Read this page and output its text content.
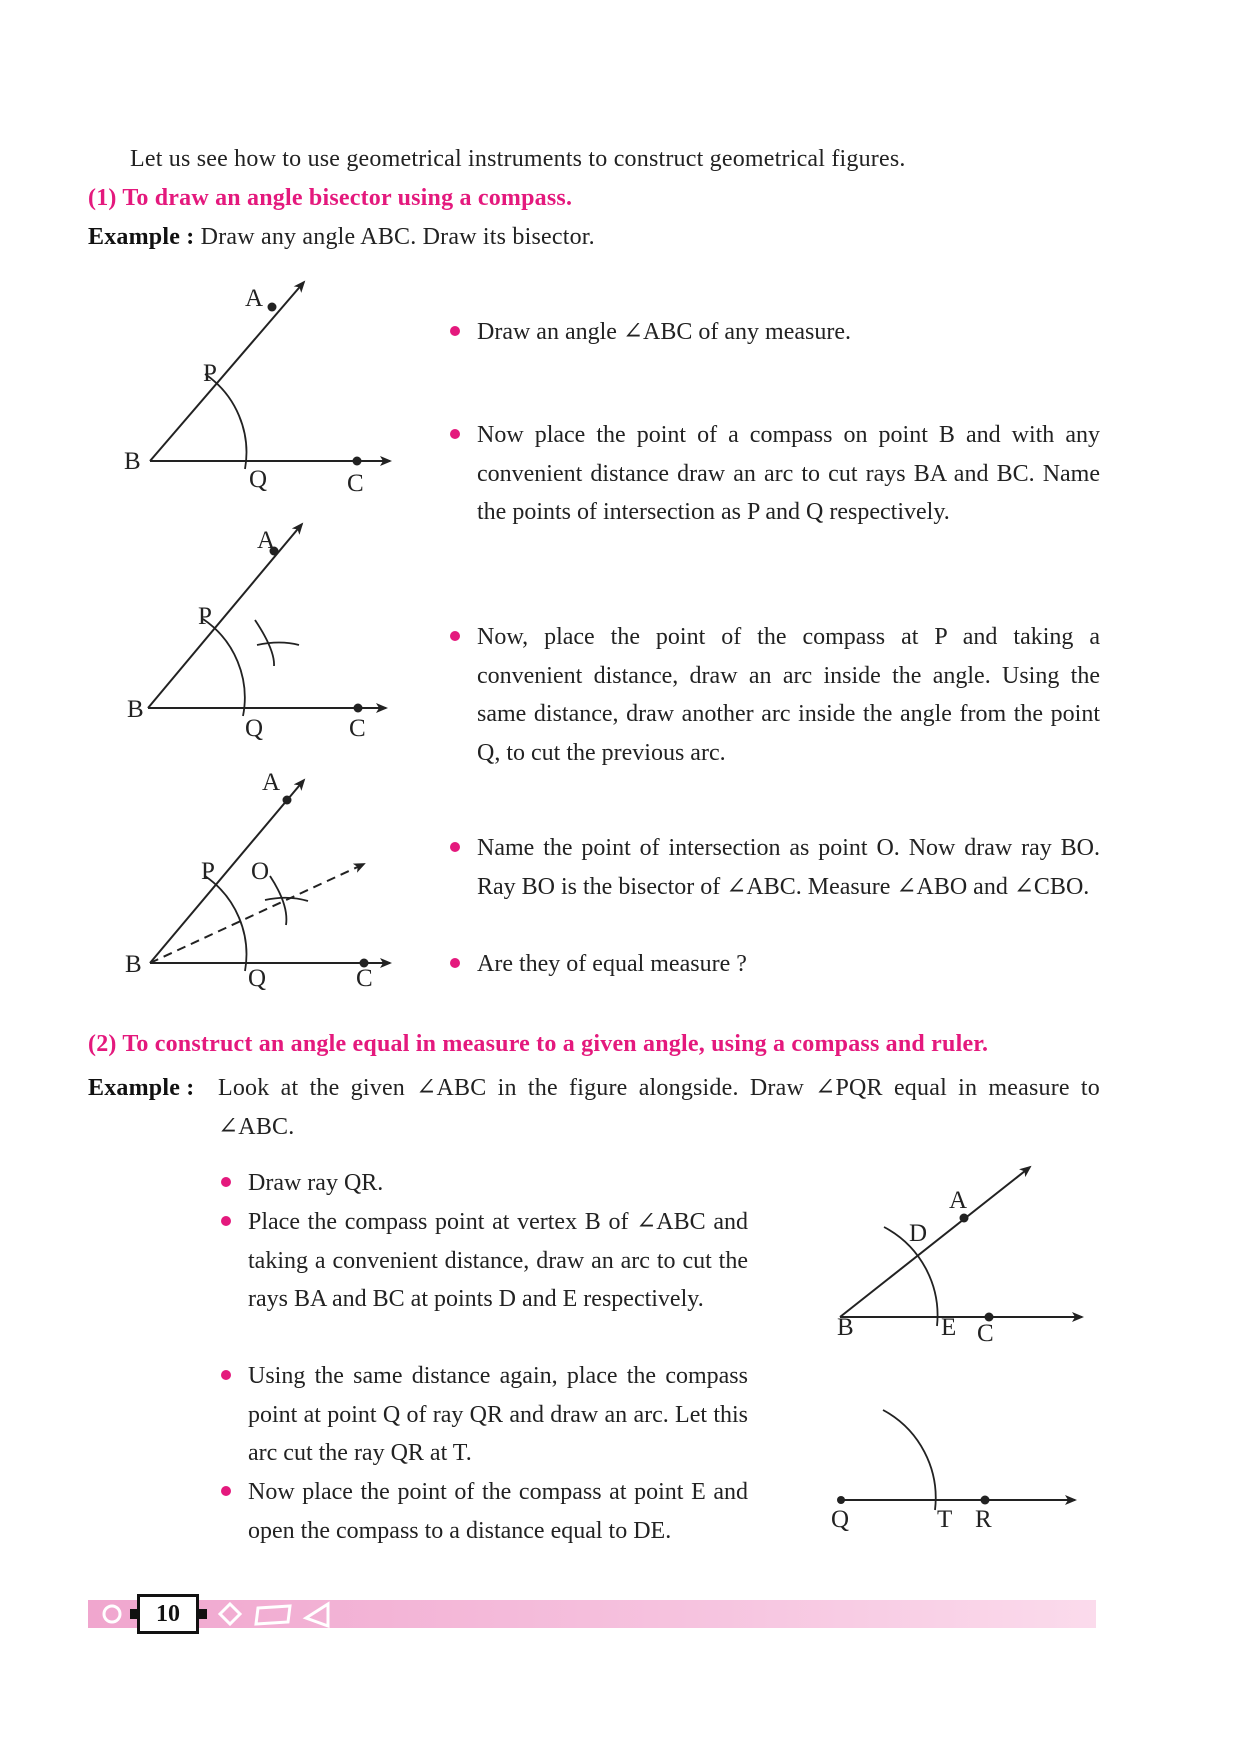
Let us see how to use geometrical instruments to construct geometrical figures.
(1) To draw an angle bisector using a compass.
Example : Draw any angle ABC. Draw its bisector.
Draw an angle ∠ABC of any measure.
Now place the point of a compass on point B and with any convenient distance draw an arc to cut rays BA and BC. Name the points of intersection as P and Q respectively.
Now, place the point of the compass at P and taking a convenient distance, draw an arc inside the angle. Using the same distance, draw another arc inside the angle from the point Q, to cut the previous arc.
Name the point of intersection as point O. Now draw ray BO. Ray BO is the bisector of ∠ABC. Measure ∠ABO and ∠CBO.
Are they of equal measure ?
A
B
C
P
Q
A
B
C
P
Q
A
B
C
P O
Q
A
B	C
D
E
Q	T R
(2) To construct an angle equal in measure to a given angle, using a compass and ruler.
Example : Look at the given ∠ABC in the figure alongside. Draw ∠PQR equal in measure to ∠ABC.
Draw ray QR.
Place the compass point at vertex B of ∠ABC and taking a convenient distance, draw an arc to cut the rays BA and BC at points D and E respectively.
Using the same distance again, place the compass point at point Q of ray QR and draw an arc. Let this arc cut the ray QR at T.
Now place the point of the compass at point E and open the compass to a distance equal to DE.
10
